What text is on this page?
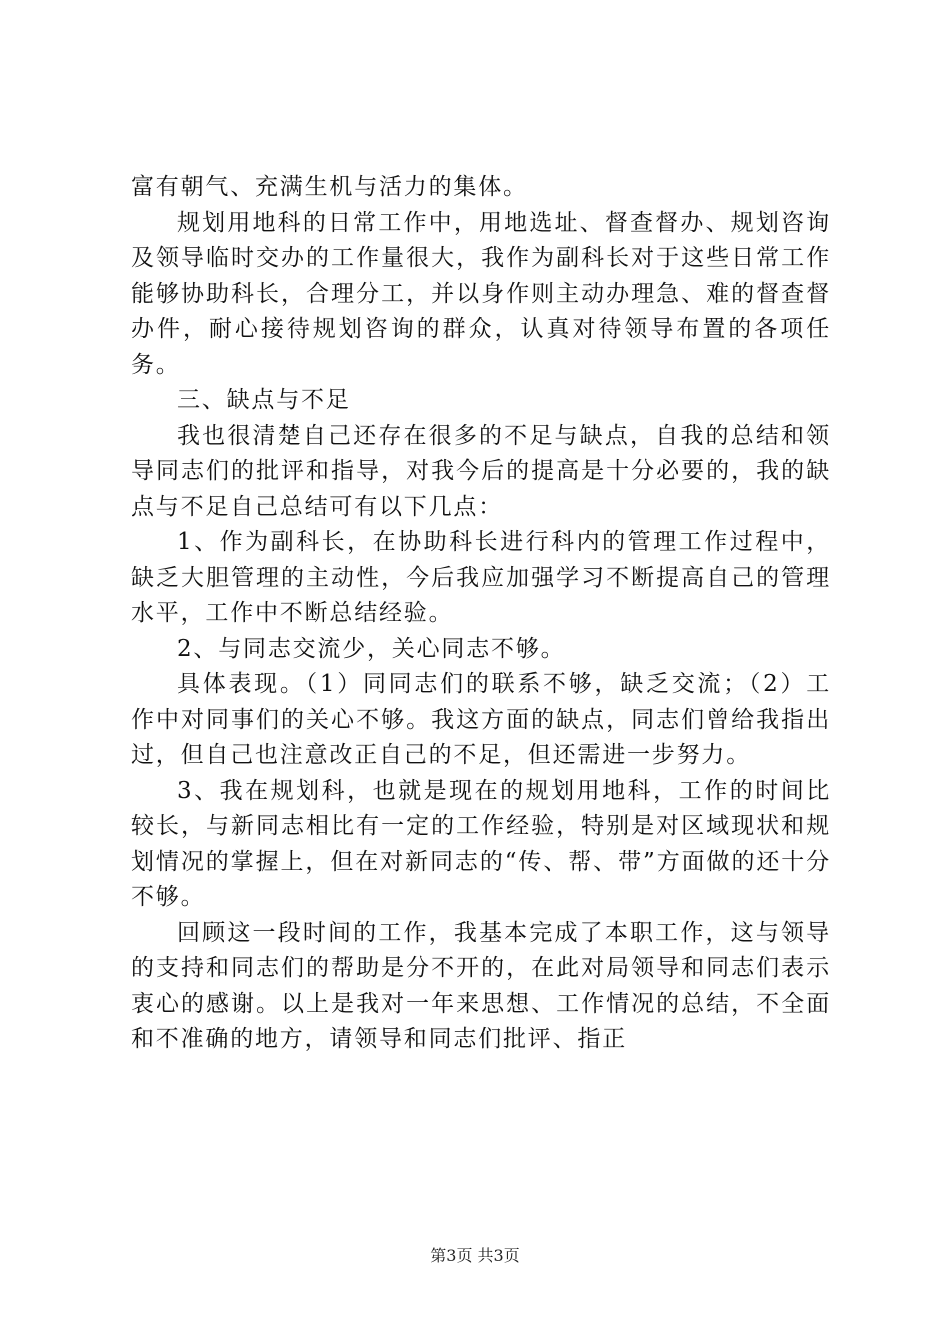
富有朝气、充满生机与活力的集体。

规划用地科的日常工作中，用地选址、督查督办、规划咨询及领导临时交办的工作量很大，我作为副科长对于这些日常工作能够协助科长，合理分工，并以身作则主动办理急、难的督查督办件，耐心接待规划咨询的群众，认真对待领导布置的各项任务。

三、缺点与不足

我也很清楚自己还存在很多的不足与缺点，自我的总结和领导同志们的批评和指导，对我今后的提高是十分必要的，我的缺点与不足自己总结可有以下几点：

1、作为副科长，在协助科长进行科内的管理工作过程中，缺乏大胆管理的主动性，今后我应加强学习不断提高自己的管理水平，工作中不断总结经验。

2、与同志交流少，关心同志不够。

具体表现。（1）同同志们的联系不够，缺乏交流；（2）工作中对同事们的关心不够。我这方面的缺点，同志们曾给我指出过，但自己也注意改正自己的不足，但还需进一步努力。

3、我在规划科，也就是现在的规划用地科，工作的时间比较长，与新同志相比有一定的工作经验，特别是对区域现状和规划情况的掌握上，但在对新同志的“传、帮、带”方面做的还十分不够。

回顾这一段时间的工作，我基本完成了本职工作，这与领导的支持和同志们的帮助是分不开的，在此对局领导和同志们表示衷心的感谢。以上是我对一年来思想、工作情况的总结，不全面和不准确的地方，请领导和同志们批评、指正

第3页 共3页
